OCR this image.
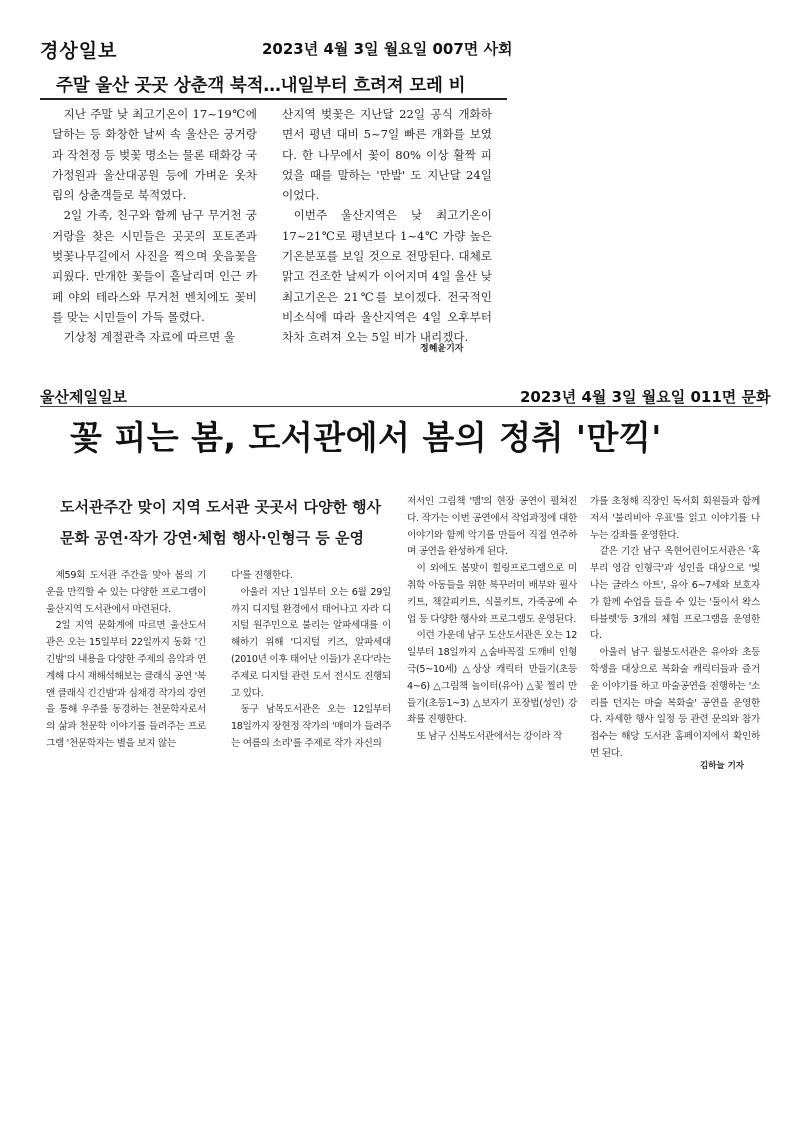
경상일보	2023년 4월 3일 월요일 007면 사회
주말 울산 곳곳 상춘객 북적…내일부터 흐려져 모레 비

지난 주말 낮 최고기온이 17~19℃에 달하는 등 화창한 날씨 속 울산은 궁거랑과 작천정 등 벚꽃 명소는 물론 태화강 국가정원과 울산대공원 등에 가벼운 옷차림의 상춘객들로 북적였다.

2일 가족, 친구와 함께 남구 무거천 궁거랑을 찾은 시민들은 곳곳의 포토존과 벚꽃나무길에서 사진을 찍으며 웃음꽃을 피웠다. 만개한 꽃들이 흩날리며 인근 카페 야외 테라스와 무거천 벤치에도 꽃비를 맞는 시민들이 가득 몰렸다.

기상청 계절관측 자료에 따르면 울

산지역 벚꽃은 지난달 22일 공식 개화하면서 평년 대비 5~7일 빠른 개화를 보였다. 한 나무에서 꽃이 80% 이상 활짝 피었을 때를 말하는 '만발' 도 지난달 24일이었다.

이번주 울산지역은 낮 최고기온이 17~21℃로 평년보다 1~4℃ 가량 높은 기온분포를 보일 것으로 전망된다. 대체로 맑고 건조한 날씨가 이어지며 4일 울산 낮 최고기온은 21℃를 보이겠다. 전국적인 비소식에 따라 울산지역은 4일 오후부터 차차 흐려져 오는 5일 비가 내리겠다.

정혜윤기자
울산제일일보	2023년 4월 3일 월요일 011면 문화
꽃 피는 봄, 도서관에서 봄의 정취 '만끽'
도서관주간 맞이 지역 도서관 곳곳서 다양한 행사
문화 공연·작가 강연·체험 행사·인형극 등 운영

제59회 도서관 주간을 맞아 봄의 기운을 만끽할 수 있는 다양한 프로그램이 울산지역 도서관에서 마련된다.

2일 지역 문화계에 따르면 울산도서관은 오는 15일부터 22일까지 동화 '긴긴밤'의 내용을 다양한 주제의 음악과 연계해 다시 재해석해보는 클래식 공연 '북 앤 클래식 긴긴밤'과 심채경 작가의 강연을 통해 우주를 동경하는 천문학자로서의 삶과 천문학 이야기를 들려주는 프로그램 '천문학자는 별을 보지 않는

다'를 진행한다.

아울러 지난 1일부터 오는 6월 29일까지 디지털 환경에서 태어나고 자라 디지털 원주민으로 불리는 알파세대를 이해하기 위해 '디지털 키즈, 알파세대(2010년 이후 태어난 이들)가 온다'라는 주제로 디지털 관련 도서 전시도 진행되고 있다.

동구 남목도서관은 오는 12일부터 18일까지 장현정 작가의 '매미가 들려주는 여름의 소리'를 주제로 작가 자신의

저서인 그림책 '맴'의 현장 공연이 펼쳐진다. 작가는 이번 공연에서 작업과정에 대한 이야기와 함께 악기를 만들어 직접 연주하며 공연을 완성하게 된다.

이 외에도 봄맞이 힐링프로그램으로 미취학 아동들을 위한 북꾸러미 배부와 필사키트, 책갈피키트, 식물키트, 가죽공예 수업 등 다양한 행사와 프로그램도 운영된다.

이런 가운데 남구 도산도서관은 오는 12일부터 18일까지 △숨바꼭질 도깨비 인형극(5~10세) △상상 캐릭터 만들기(초등4~6) △그림책 놀이터(유아) △꽃 찔리 만들기(초등1~3) △보자기 포장법(성인) 강좌를 진행한다.

또 남구 신복도서관에서는 강이라 작

가를 초청해 직장인 독서회 회원들과 함께 저서 '불리비아 우표'를 읽고 이야기를 나누는 강좌를 운영한다.

같은 기간 남구 옥현어린이도서관은 '혹부리 영감 인형극'과 성인을 대상으로 '빛나는 글라스 아트', 유아 6~7세와 보호자가 함께 수업을 들을 수 있는 '둘이서 왁스타블렛'등 3개의 체험 프로그램을 운영한다.

아울러 남구 월봉도서관은 유아와 초등학생을 대상으로 복화술 캐릭터들과 즐거운 이야기를 하고 마술공연을 진행하는 '소리를 던지는 마술 복화술' 공연을 운영한다. 자세한 행사 일정 등 관련 문의와 참가접수는 해당 도서관 홈페이지에서 확인하면 된다.

김하늘 기자
